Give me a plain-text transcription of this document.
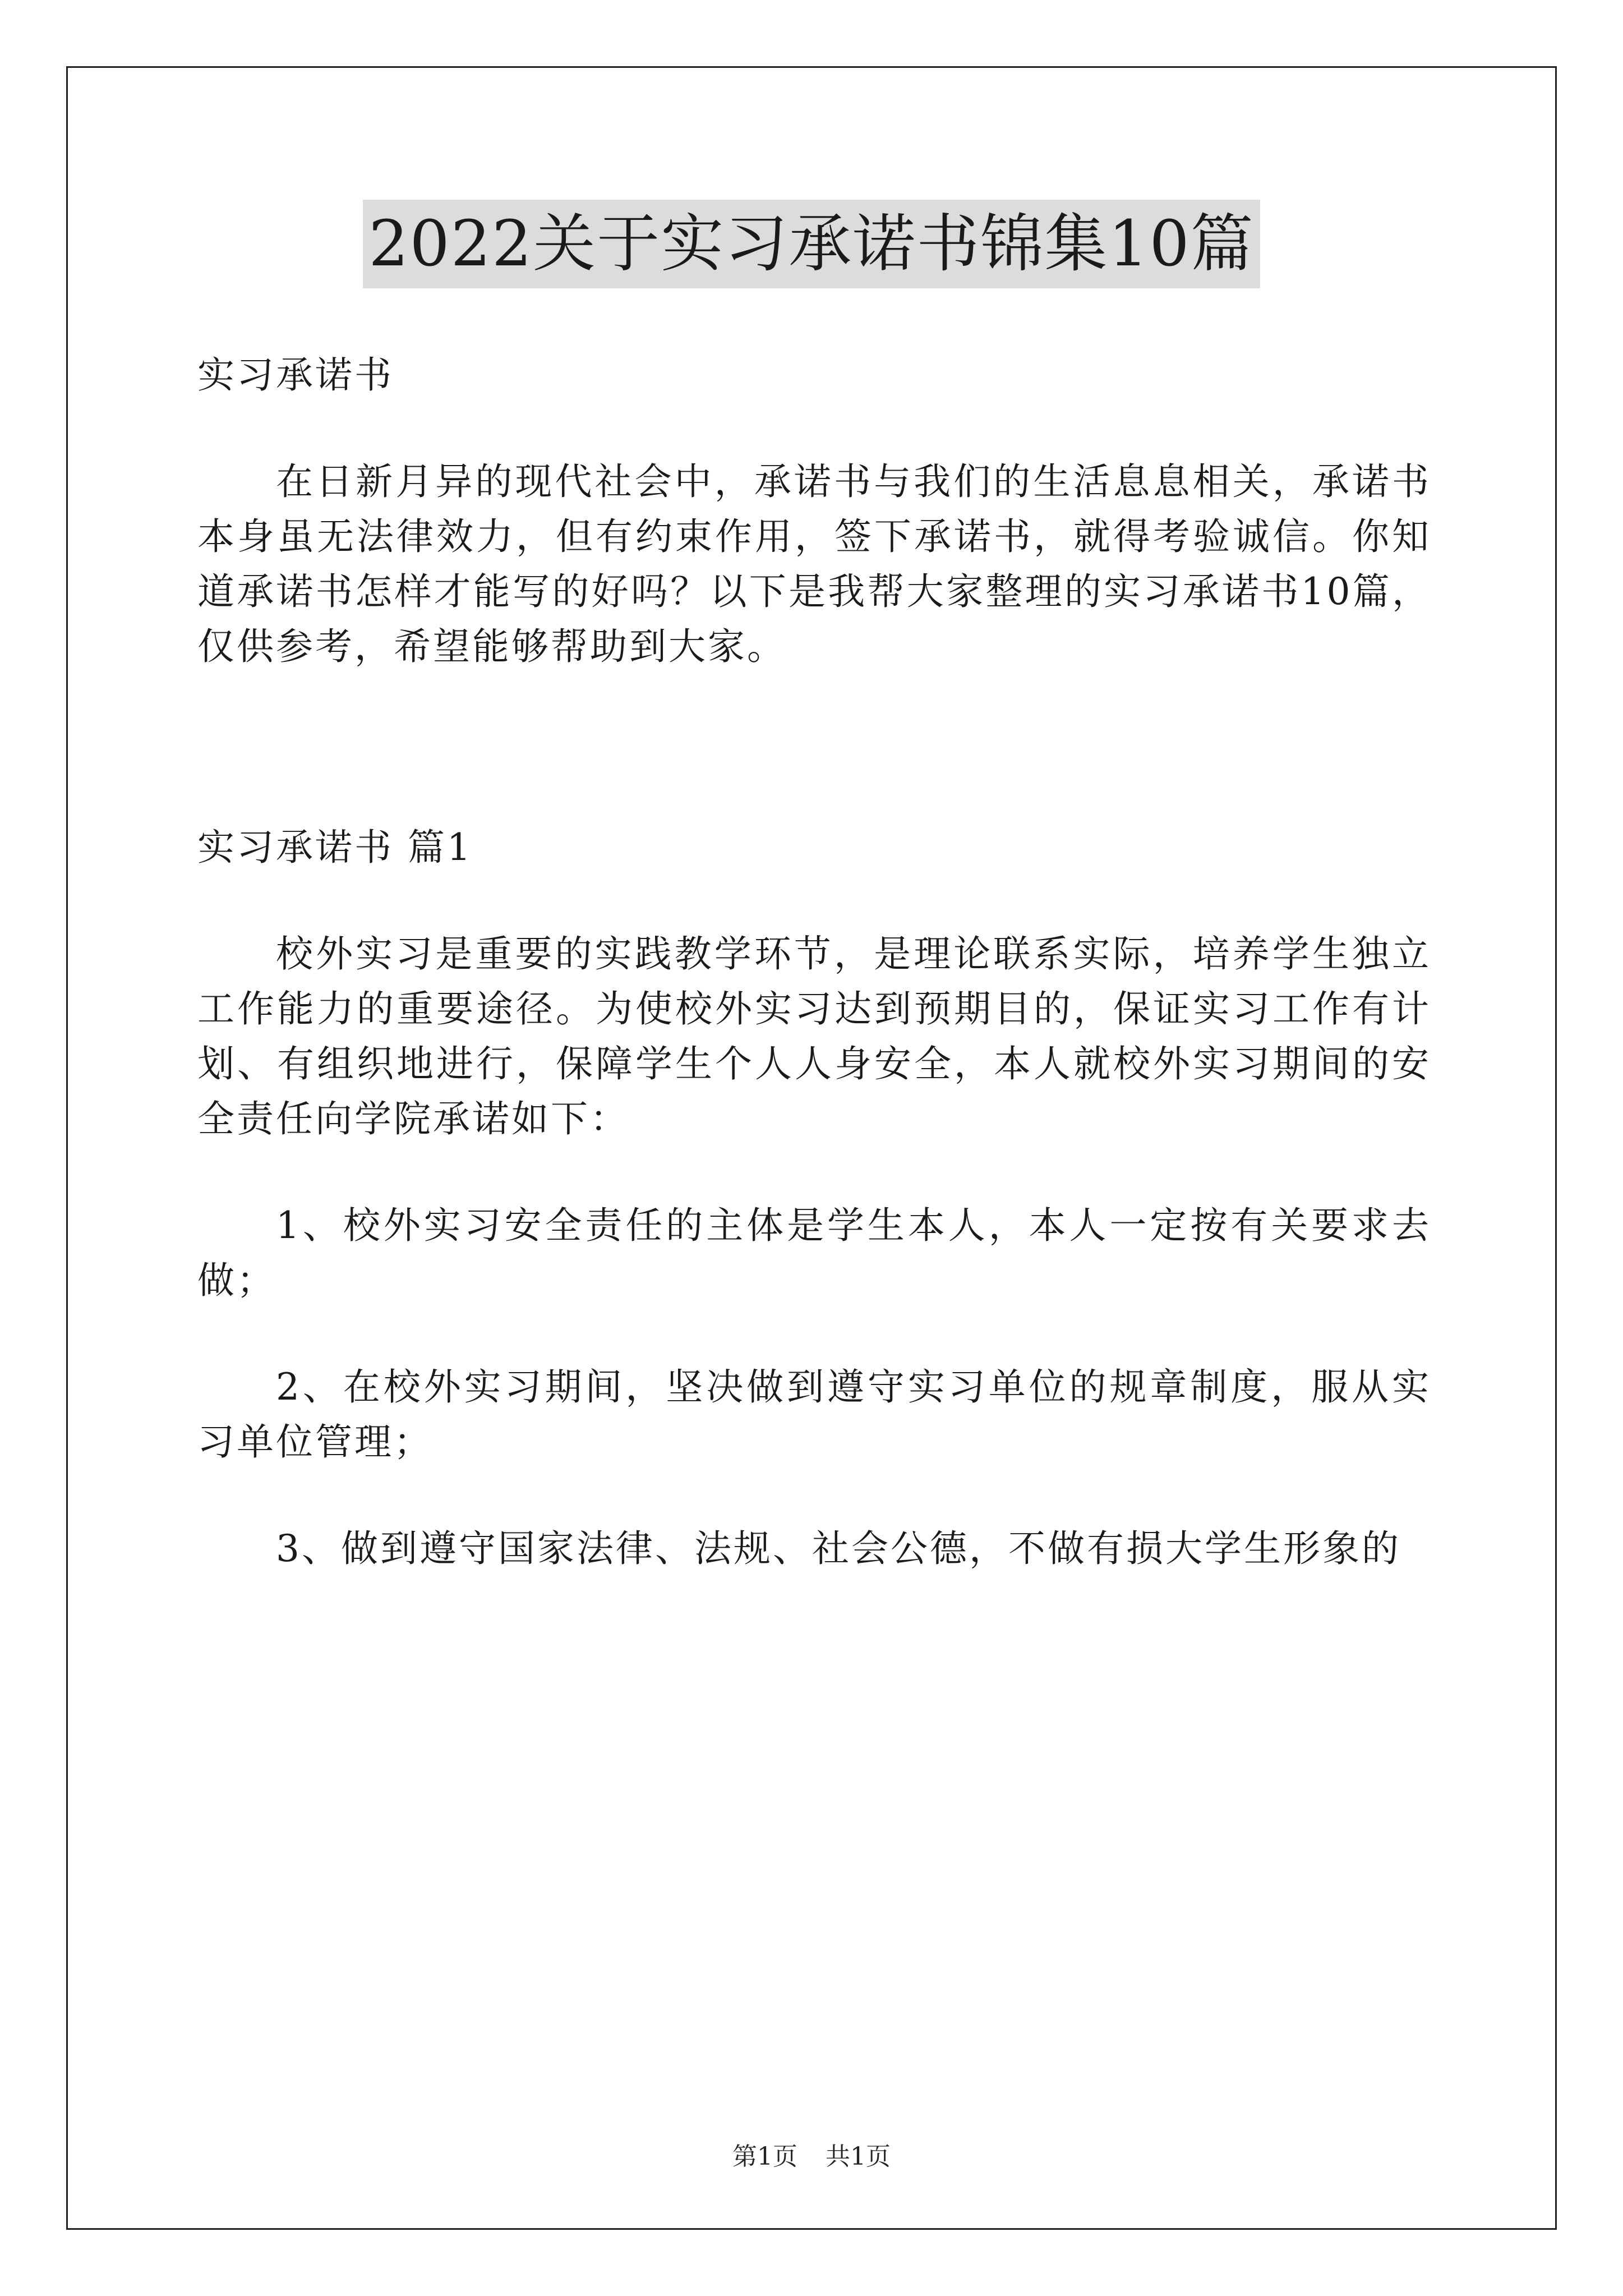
2022关于实习承诺书锦集10篇

实习承诺书

在日新月异的现代社会中，承诺书与我们的生活息息相关，承诺书本身虽无法律效力，但有约束作用，签下承诺书，就得考验诚信。你知道承诺书怎样才能写的好吗？以下是我帮大家整理的实习承诺书10篇，仅供参考，希望能够帮助到大家。

实习承诺书 篇1

校外实习是重要的实践教学环节，是理论联系实际，培养学生独立工作能力的重要途径。为使校外实习达到预期目的，保证实习工作有计划、有组织地进行，保障学生个人人身安全，本人就校外实习期间的安全责任向学院承诺如下：

1、校外实习安全责任的主体是学生本人，本人一定按有关要求去做；

2、在校外实习期间，坚决做到遵守实习单位的规章制度，服从实习单位管理；

3、做到遵守国家法律、法规、社会公德，不做有损大学生形象的

第1页 共1页
